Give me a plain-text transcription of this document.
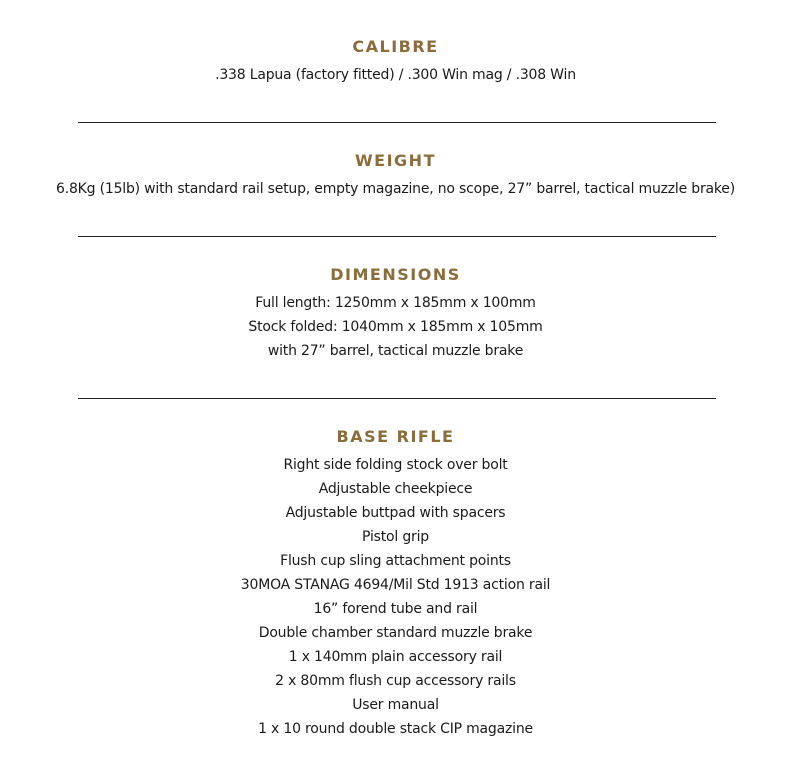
CALIBRE
.338 Lapua (factory fitted) / .300 Win mag / .308 Win
WEIGHT
6.8Kg (15lb) with standard rail setup, empty magazine, no scope, 27” barrel, tactical muzzle brake)
DIMENSIONS
Full length: 1250mm x 185mm x 100mm
Stock folded: 1040mm x 185mm x 105mm
with 27” barrel, tactical muzzle brake
BASE RIFLE
Right side folding stock over bolt
Adjustable cheekpiece
Adjustable buttpad with spacers
Pistol grip
Flush cup sling attachment points
30MOA STANAG 4694/Mil Std 1913 action rail
16” forend tube and rail
Double chamber standard muzzle brake
1 x 140mm plain accessory rail
2 x 80mm flush cup accessory rails
User manual
1 x 10 round double stack CIP magazine
